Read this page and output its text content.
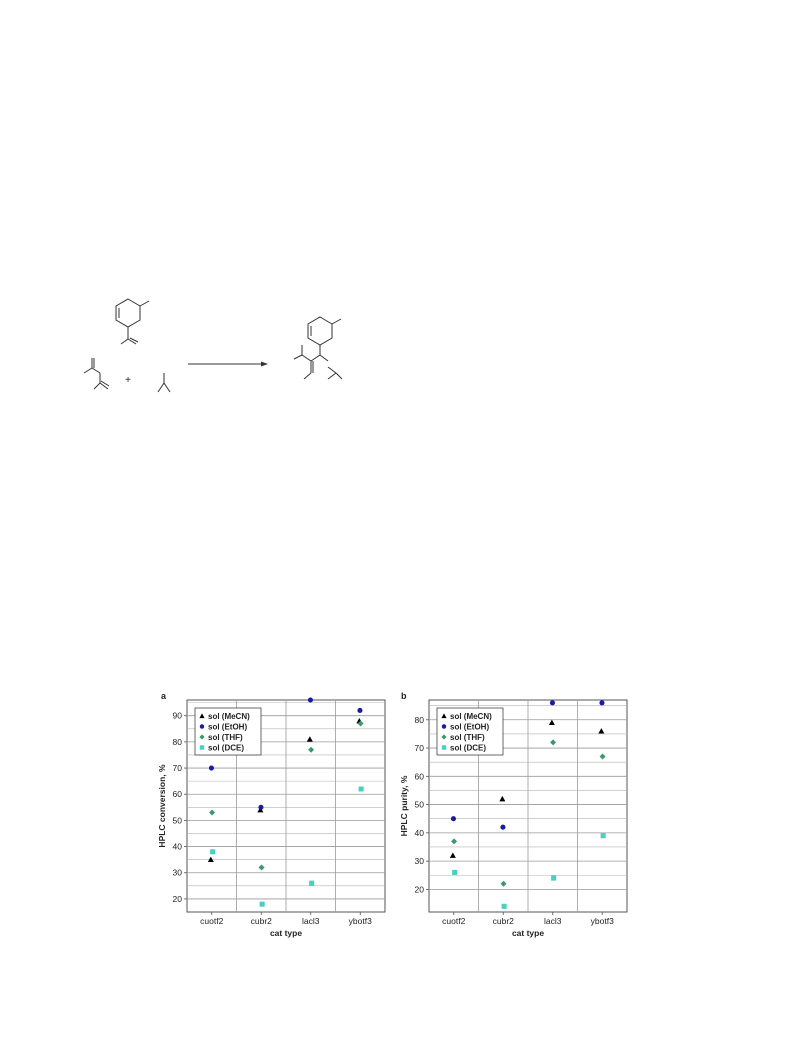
+
a
20
30
40
50
60
70
80
90
cuotf2	cubr2	lacl3	ybotf3
sol (MeCN)
sol (EtOH)
sol (THF)
sol (DCE)
cat type
HPLC conversion, %
b
20
30
40
50
60
70
80
cuotf2	cubr2	lacl3	ybotf3
sol (MeCN)
sol (EtOH)
sol (THF)
sol (DCE)
cat type
HPLC purity, %
